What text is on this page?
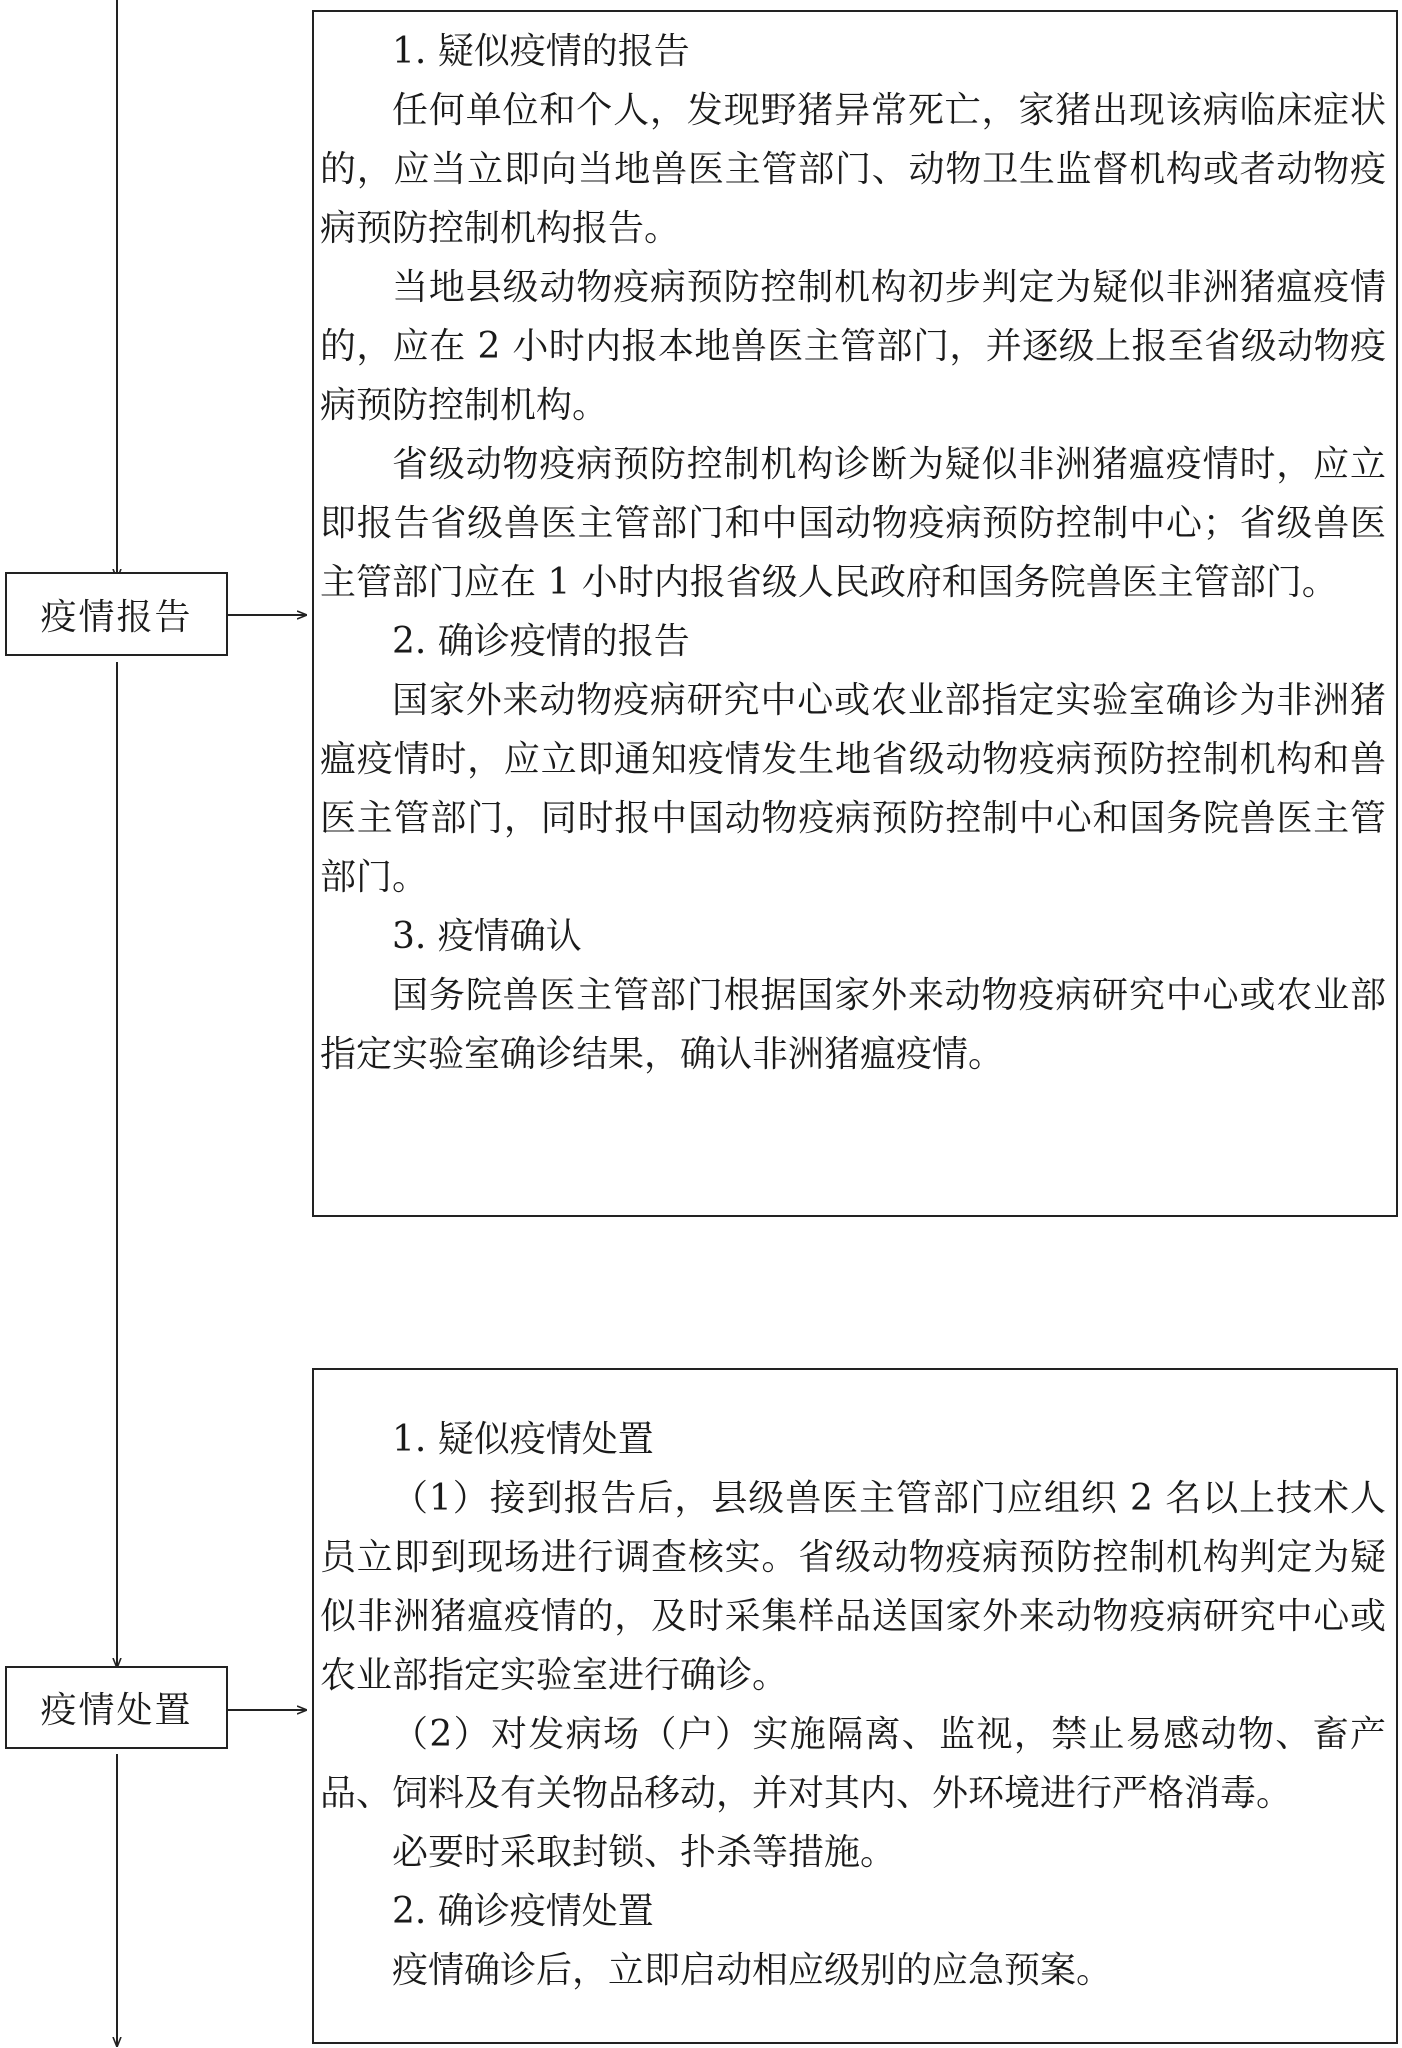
疫情报告
疫情处置

1. 疑似疫情的报告

任何单位和个人，发现野猪异常死亡，家猪出现该病临床症状的，应当立即向当地兽医主管部门、动物卫生监督机构或者动物疫病预防控制机构报告。

当地县级动物疫病预防控制机构初步判定为疑似非洲猪瘟疫情的，应在 2 小时内报本地兽医主管部门，并逐级上报至省级动物疫病预防控制机构。

省级动物疫病预防控制机构诊断为疑似非洲猪瘟疫情时，应立即报告省级兽医主管部门和中国动物疫病预防控制中心；省级兽医主管部门应在 1 小时内报省级人民政府和国务院兽医主管部门。

2. 确诊疫情的报告

国家外来动物疫病研究中心或农业部指定实验室确诊为非洲猪瘟疫情时，应立即通知疫情发生地省级动物疫病预防控制机构和兽医主管部门，同时报中国动物疫病预防控制中心和国务院兽医主管部门。

3. 疫情确认

国务院兽医主管部门根据国家外来动物疫病研究中心或农业部指定实验室确诊结果，确认非洲猪瘟疫情。

1. 疑似疫情处置

（1）接到报告后，县级兽医主管部门应组织 2 名以上技术人员立即到现场进行调查核实。省级动物疫病预防控制机构判定为疑似非洲猪瘟疫情的，及时采集样品送国家外来动物疫病研究中心或农业部指定实验室进行确诊。

（2）对发病场（户）实施隔离、监视，禁止易感动物、畜产品、饲料及有关物品移动，并对其内、外环境进行严格消毒。

必要时采取封锁、扑杀等措施。

2. 确诊疫情处置

疫情确诊后，立即启动相应级别的应急预案。
